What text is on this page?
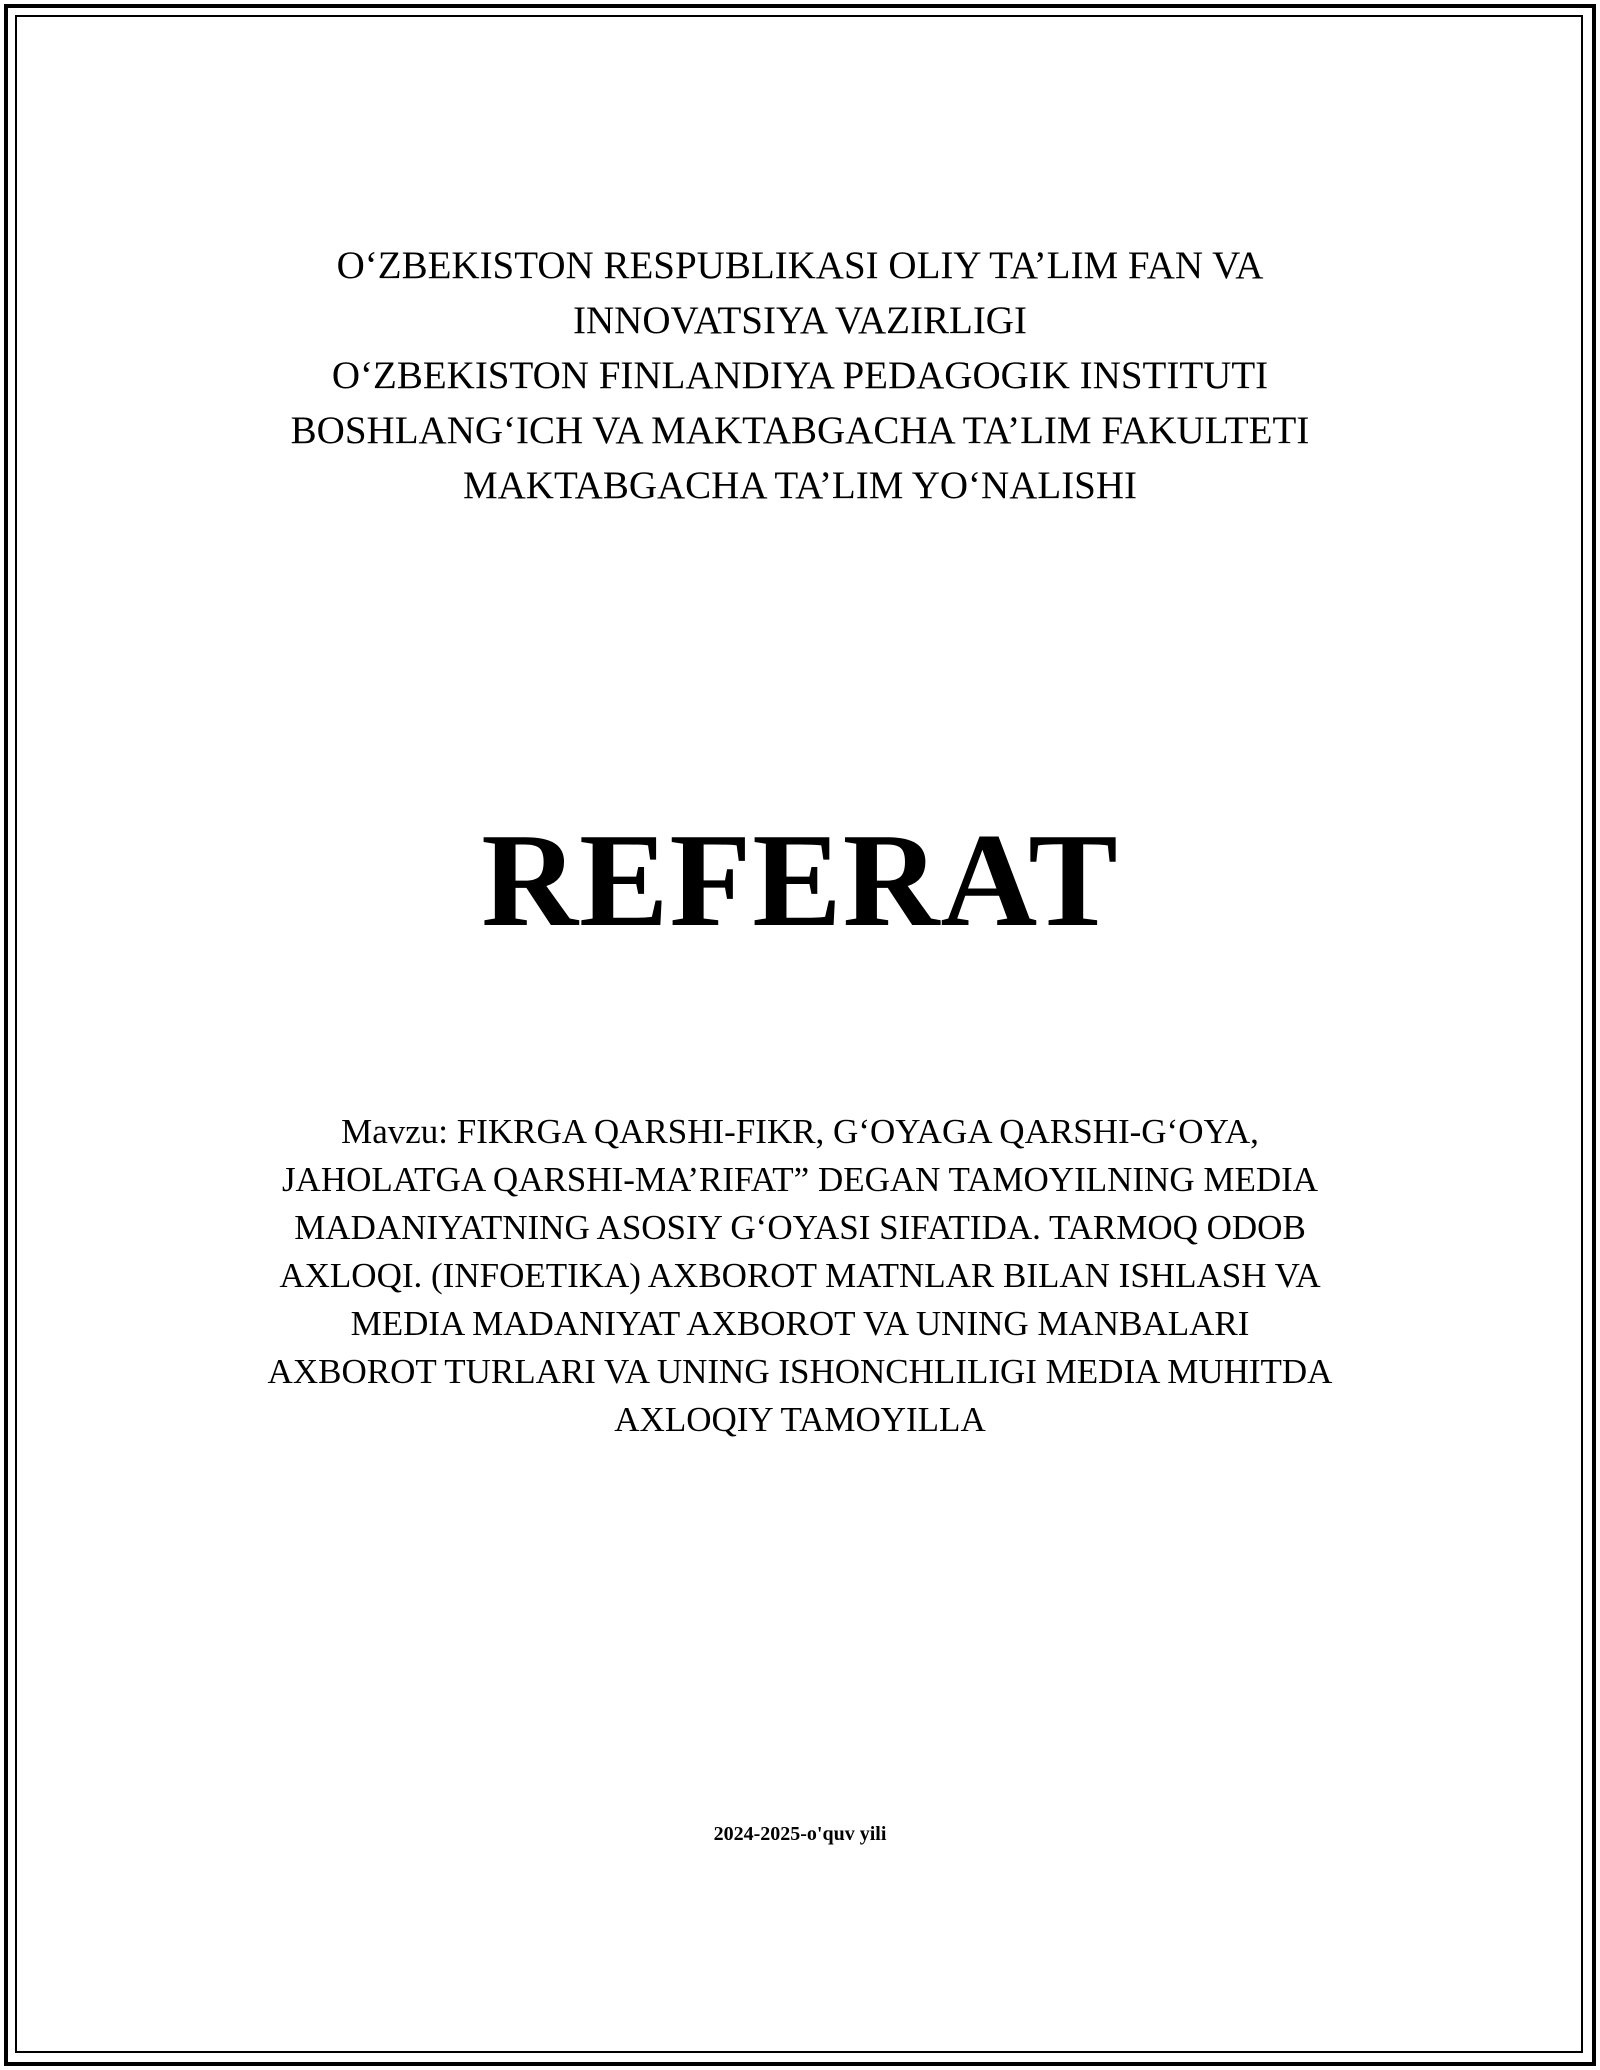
O‘ZBEKISTON RESPUBLIKASI OLIY TA’LIM FAN VA
INNOVATSIYA VAZIRLIGI
O‘ZBEKISTON FINLANDIYA PEDAGOGIK INSTITUTI
BOSHLANG‘ICH VA MAKTABGACHA TA’LIM FAKULTETI
MAKTABGACHA TA’LIM YO‘NALISHI
REFERAT
Mavzu: FIKRGA QARSHI-FIKR, G‘OYAGA QARSHI-G‘OYA,
JAHOLATGA QARSHI-MA’RIFAT” DEGAN TAMOYILNING MEDIA
MADANIYATNING ASOSIY G‘OYASI SIFATIDA. TARMOQ ODOB
AXLOQI. (INFOETIKA) AXBOROT MATNLAR BILAN ISHLASH VA
MEDIA MADANIYAT AXBOROT VA UNING MANBALARI
AXBOROT TURLARI VA UNING ISHONCHLILIGI MEDIA MUHITDA
AXLOQIY TAMOYILLA
2024-2025-o'quv yili
